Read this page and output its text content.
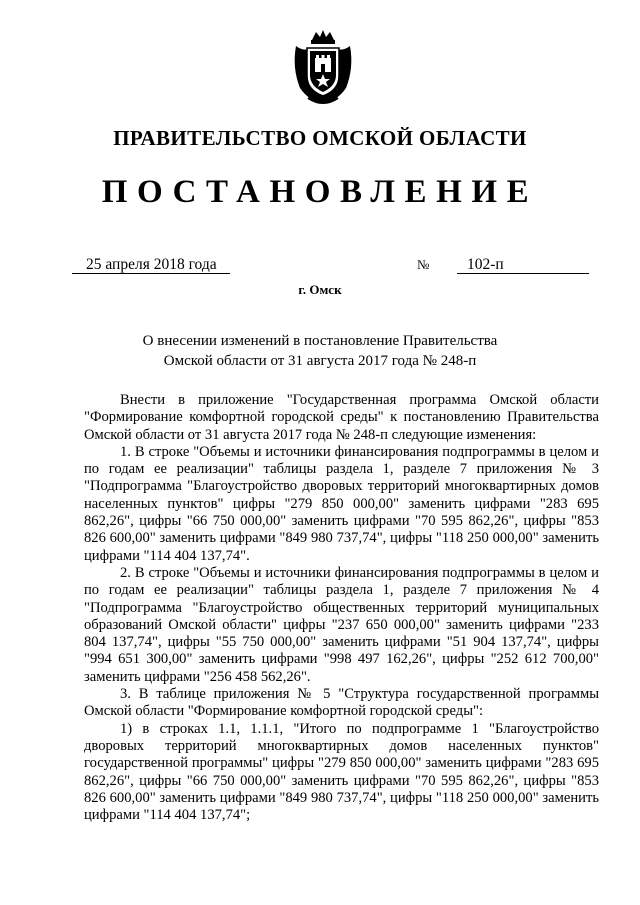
ПРАВИТЕЛЬСТВО ОМСКОЙ ОБЛАСТИ
ПОСТАНОВЛЕНИЕ
25 апреля 2018 года	№ 102-п
г. Омск
О внесении изменений в постановление Правительства
Омской области от 31 августа 2017 года № 248-п

Внести в приложение "Государственная программа Омской области "Формирование комфортной городской среды" к постановлению Правительства Омской области от 31 августа 2017 года № 248-п следующие изменения:

1. В строке "Объемы и источники финансирования подпрограммы в целом и по годам ее реализации" таблицы раздела 1, разделе 7 приложения № 3 "Подпрограмма "Благоустройство дворовых территорий многоквартирных домов населенных пунктов" цифры "279 850 000,00" заменить цифрами "283 695 862,26", цифры "66 750 000,00" заменить цифрами "70 595 862,26", цифры "853 826 600,00" заменить цифрами "849 980 737,74", цифры "118 250 000,00" заменить цифрами "114 404 137,74".

2. В строке "Объемы и источники финансирования подпрограммы в целом и по годам ее реализации" таблицы раздела 1, разделе 7 приложения № 4 "Подпрограмма "Благоустройство общественных территорий муниципальных образований Омской области" цифры "237 650 000,00" заменить цифрами "233 804 137,74", цифры "55 750 000,00" заменить цифрами "51 904 137,74", цифры "994 651 300,00" заменить цифрами "998 497 162,26", цифры "252 612 700,00" заменить цифрами "256 458 562,26".

3. В таблице приложения № 5 "Структура государственной программы Омской области "Формирование комфортной городской среды":

1) в строках 1.1, 1.1.1, "Итого по подпрограмме 1 "Благоустройство дворовых территорий многоквартирных домов населенных пунктов" государственной программы" цифры "279 850 000,00" заменить цифрами "283 695 862,26", цифры "66 750 000,00" заменить цифрами "70 595 862,26", цифры "853 826 600,00" заменить цифрами "849 980 737,74", цифры "118 250 000,00" заменить цифрами "114 404 137,74";
